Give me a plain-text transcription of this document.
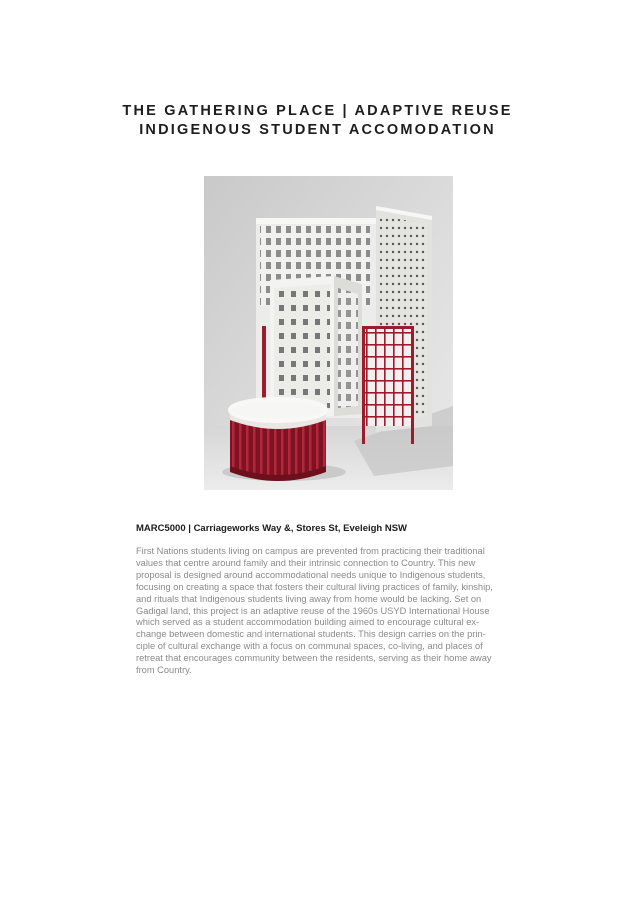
THE GATHERING PLACE | ADAPTIVE REUSE
INDIGENOUS STUDENT ACCOMODATION
MARC5000 | Carriageworks Way &, Stores St, Eveleigh NSW
First Nations students living on campus are prevented from practicing their traditional
values that centre around family and their intrinsic connection to Country. This new
proposal is designed around accommodational needs unique to Indigenous students,
focusing on creating a space that fosters their cultural living practices of family, kinship,
and rituals that Indigenous students living away from home would be lacking. Set on
Gadigal land, this project is an adaptive reuse of the 1960s USYD International House
which served as a student accommodation building aimed to encourage cultural ex-
change between domestic and international students. This design carries on the prin-
ciple of cultural exchange with a focus on communal spaces, co-living, and places of
retreat that encourages community between the residents, serving as their home away
from Country.
